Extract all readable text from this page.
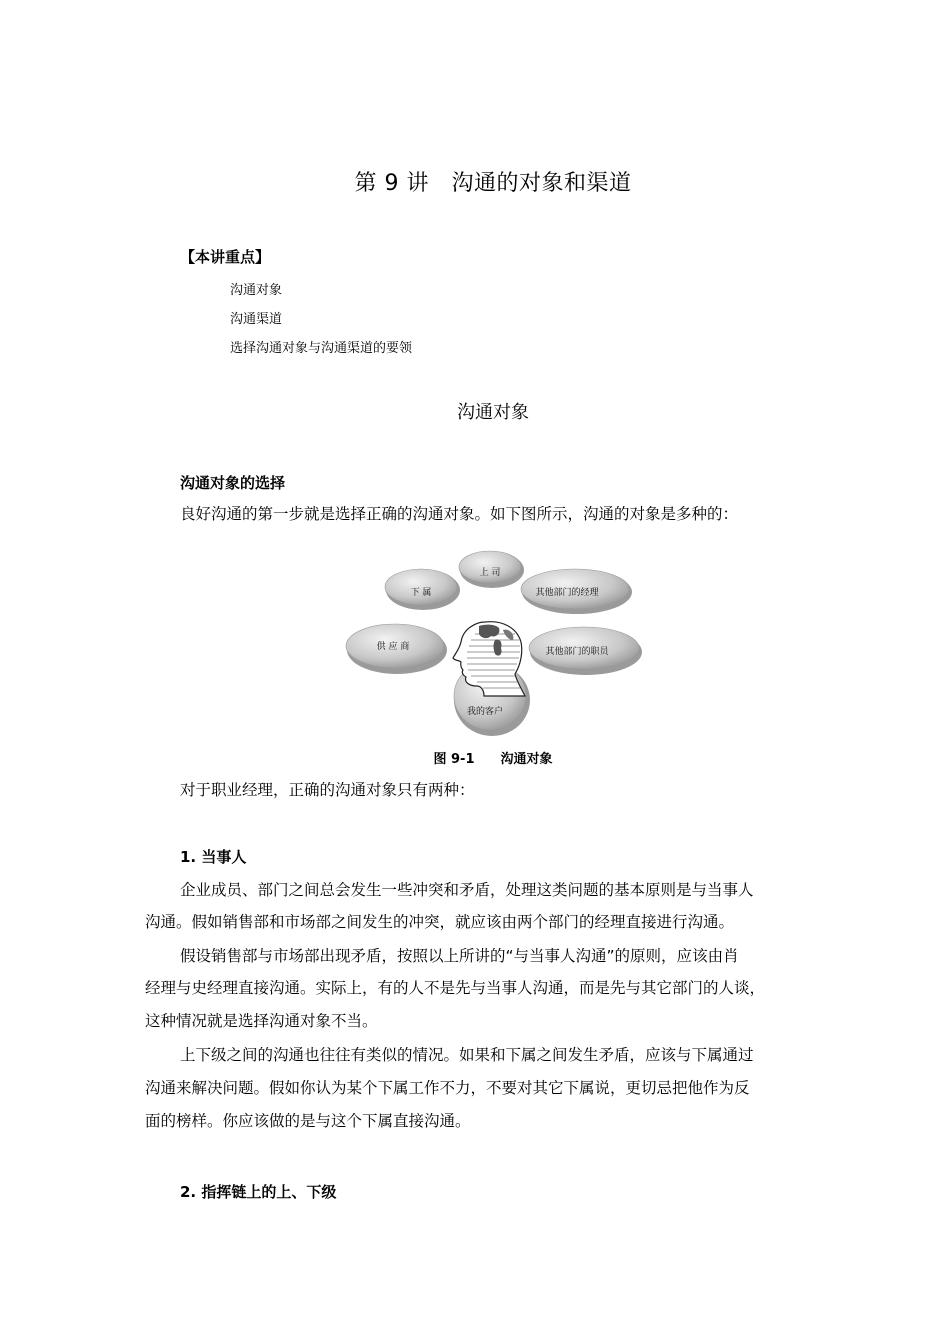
第 9 讲　沟通的对象和渠道
【本讲重点】
沟通对象
沟通渠道
选择沟通对象与沟通渠道的要领
沟通对象
沟通对象的选择
良好沟通的第一步就是选择正确的沟通对象。如下图所示，沟通的对象是多种的：
上 司
下 属	其他部门的经理
供 应 商	其他部门的职员
我的客户
图 9-1　　沟通对象
对于职业经理，正确的沟通对象只有两种：
1. 当事人
企业成员、部门之间总会发生一些冲突和矛盾，处理这类问题的基本原则是与当事人
沟通。假如销售部和市场部之间发生的冲突，就应该由两个部门的经理直接进行沟通。
假设销售部与市场部出现矛盾，按照以上所讲的“与当事人沟通”的原则，应该由肖
经理与史经理直接沟通。实际上，有的人不是先与当事人沟通，而是先与其它部门的人谈，
这种情况就是选择沟通对象不当。
上下级之间的沟通也往往有类似的情况。如果和下属之间发生矛盾，应该与下属通过
沟通来解决问题。假如你认为某个下属工作不力，不要对其它下属说，更切忌把他作为反
面的榜样。你应该做的是与这个下属直接沟通。
2. 指挥链上的上、下级
